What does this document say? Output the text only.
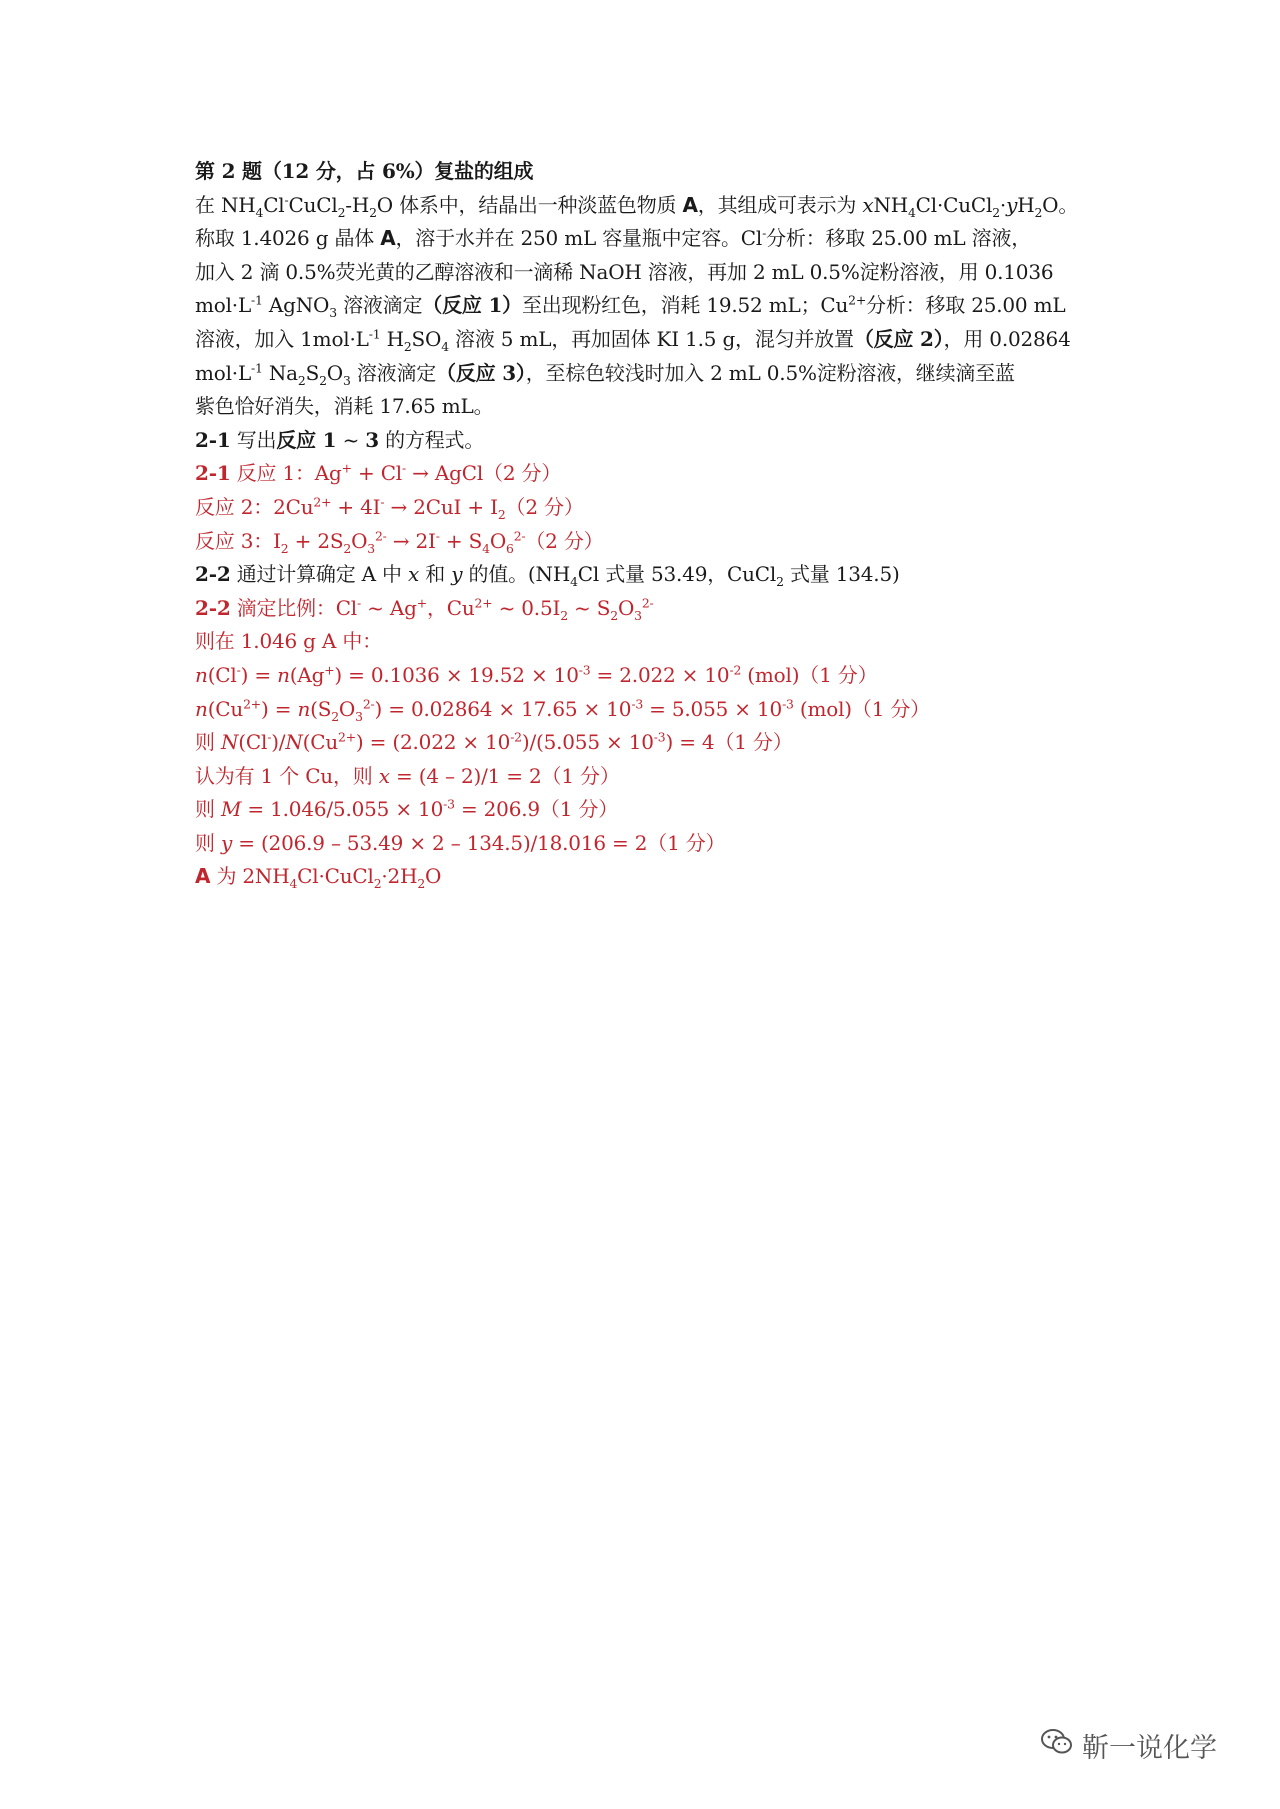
第 2 题（12 分，占 6%）复盐的组成
在 $NH_4Cl^-CuCl_2-H_2O$ 体系中，结晶出一种淡蓝色物质 A，其组成可表示为 $xNH_4Cl\cdot CuCl_2\cdot yH_2O$。
称取 1.4026 g 晶体 A，溶于水并在 250 mL 容量瓶中定容。Cl-分析：移取 25.00 mL 溶液，
加入 2 滴 0.5%荧光黄的乙醇溶液和一滴稀 NaOH 溶液，再加 2 mL 0.5%淀粉溶液，用 0.1036
$mol\cdot L^{-1}$ AgNO$_3$ 溶液滴定（反应 1）至出现粉红色，消耗 19.52 mL；$Cu^{2+}$分析：移取 25.00 mL
溶液，加入 $1mol\cdot L^{-1}$ $H_2SO_4$ 溶液 5 mL，再加固体 KI 1.5 g，混匀并放置（反应 2），用 0.02864
$mol\cdot L^{-1}$ $Na_2S_2O_3$ 溶液滴定（反应 3），至棕色较浅时加入 2 mL 0.5%淀粉溶液，继续滴至蓝
紫色恰好消失，消耗 17.65 mL。
2-1 写出反应 1 ~ 3 的方程式。
2-1 反应 1：Ag+ + Cl- → AgCl（2 分）
反应 2：$2Cu^{2+} + 4I^- \to 2CuI + I_2(2$ 分）
反应 3：$I_2 + 2S_2O_3^{2-} \to 2I^- + S_4O_6^{2-}(2$ 分）
2-2 通过计算确定 A 中 x 和 y 的值。($NH_4Cl$ 式量 53.49，CuCl$_2$ 式量 134.5)
2-2 滴定比例：Cl- ~ Ag+，$Cu^{2+}$ ~ $0.5I_2$ ~ $S_2O_3^{2-}$
则在 1.046 g A 中：
$n(Cl^-) = n(Ag^+) = 0.1036 \times 19.52 \times 10^{-3} = 2.022 \times 10^{-2}$ (mol)（1 分）
$n(Cu^{2+}) = n(S_2O_3^{2-}) = 0.02864 \times 17.65 \times 10^{-3} = 5.055 \times 10^{-3}$ (mol)（1 分）
则 $N(Cl^-)/N(Cu^{2+}) = (2.022 \times 10^{-2})/(5.055 \times 10^{-3}) = 4(1$ 分）
认为有 1 个 Cu，则 x = (4 – 2)/1 = 2（1 分）
则 $M = 1.046/5.055 \times 10^{-3} = 206.9(1$ 分）
则 y = (206.9 – 53.49 × 2 – 134.5)/18.016 = 2（1 分）
A 为 $2NH_4Cl\cdot CuCl_2\cdot 2H_2O$
靳一说化学
